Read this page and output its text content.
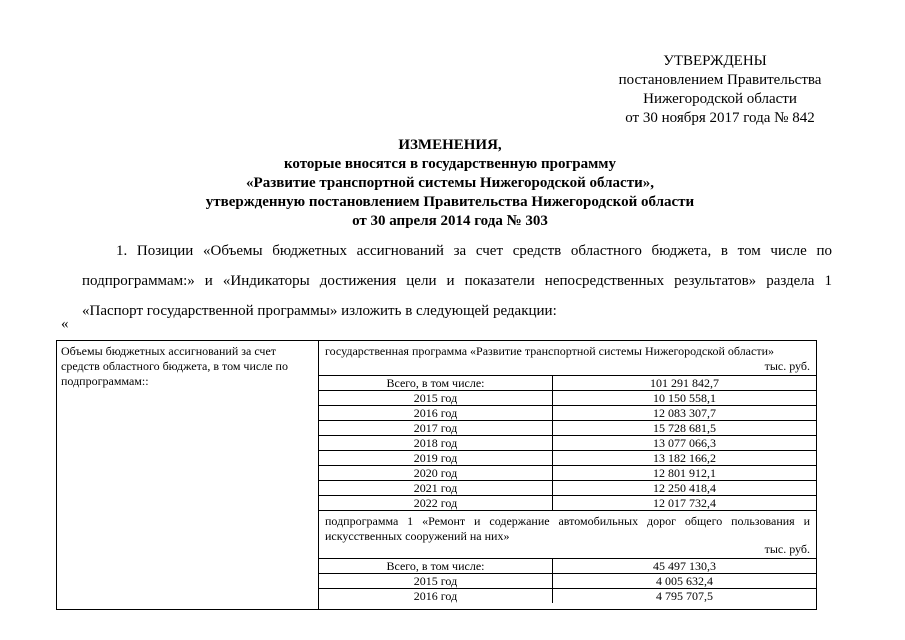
УТВЕРЖДЕНЫ
постановлением Правительства
Нижегородской области
от 30 ноября 2017 года № 842
ИЗМЕНЕНИЯ,
которые вносятся в государственную программу
«Развитие транспортной системы Нижегородской области»,
утвержденную постановлением Правительства Нижегородской области
от 30 апреля 2014 года № 303
1. Позиции «Объемы бюджетных ассигнований за счет средств областного бюджета, в том числе по подпрограммам:» и «Индикаторы достижения цели и показатели непосредственных результатов» раздела 1 «Паспорт государственной программы» изложить в следующей редакции:
«
Объемы бюджетных ассигнований за счет средств областного бюджета, в том числе по подпрограммам::
государственная программа «Развитие транспортной системы Нижегородской области»
тыс. руб.
Всего, в том числе:	101 291 842,7
2015 год	10 150 558,1
2016 год	12 083 307,7
2017 год	15 728 681,5
2018 год	13 077 066,3
2019 год	13 182 166,2
2020 год	12 801 912,1
2021 год	12 250 418,4
2022 год	12 017 732,4
подпрограмма 1 «Ремонт и содержание автомобильных дорог общего пользования и искусственных сооружений на них»
тыс. руб.
Всего, в том числе:	45 497 130,3
2015 год	4 005 632,4
2016 год	4 795 707,5
